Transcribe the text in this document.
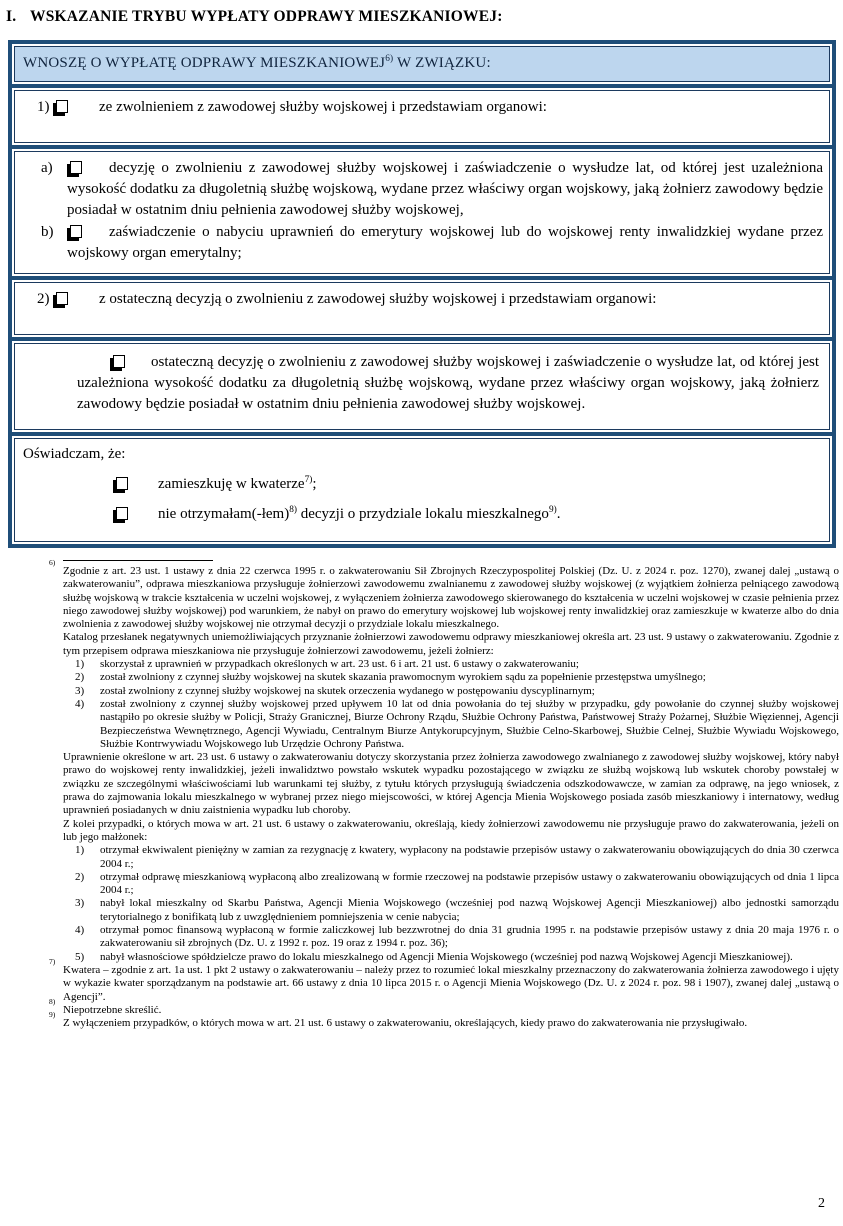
I. WSKAZANIE TRYBU WYPŁATY ODPRAWY MIESZKANIOWEJ:
WNOSZĘ O WYPŁATĘ ODPRAWY MIESZKANIOWEJ$^{6)}$ W ZWIĄZKU:
1)	ze zwolnieniem z zawodowej służby wojskowej i przedstawiam organowi:
a)	decyzję o zwolnieniu z zawodowej służby wojskowej i zaświadczenie o wysłudze lat, od której jest uzależniona wysokość dodatku za długoletnią służbę wojskową, wydane przez właściwy organ wojskowy, jaką żołnierz zawodowy będzie posiadał w ostatnim dniu pełnienia zawodowej służby wojskowej,
b)	zaświadczenie o nabyciu uprawnień do emerytury wojskowej lub do wojskowej renty inwalidzkiej wydane przez wojskowy organ emerytalny;
2)	z ostateczną decyzją o zwolnieniu z zawodowej służby wojskowej i przedstawiam organowi:
ostateczną decyzję o zwolnieniu z zawodowej służby wojskowej i zaświadczenie o wysłudze lat, od której jest uzależniona wysokość dodatku za długoletnią służbę wojskową, wydane przez właściwy organ wojskowy, jaką żołnierz zawodowy będzie posiadał w ostatnim dniu pełnienia zawodowej służby wojskowej.
Oświadczam, że:
zamieszkuję w kwaterze$^{7)}$;
nie otrzymałam(-łem)$^{8)}$ decyzji o przydziale lokalu mieszkalnego$^{9)}$.
6)

Zgodnie z art. 23 ust. 1 ustawy z dnia 22 czerwca 1995 r. o zakwaterowaniu Sił Zbrojnych Rzeczypospolitej Polskiej (Dz. U. z 2024 r. poz. 1270), zwanej dalej „ustawą o zakwaterowaniu”, odprawa mieszkaniowa przysługuje żołnierzowi zawodowemu zwalnianemu z zawodowej służby wojskowej (z wyjątkiem żołnierza pełniącego zawodową służbę wojskową w trakcie kształcenia w uczelni wojskowej, z wyłączeniem żołnierza zawodowego skierowanego do kształcenia w uczelni wojskowej w czasie pełnienia przez niego zawodowej służby wojskowej) pod warunkiem, że nabył on prawo do emerytury wojskowej lub wojskowej renty inwalidzkiej oraz zamieszkuje w kwaterze albo do dnia zwolnienia z zawodowej służby wojskowej nie otrzymał decyzji o przydziale lokalu mieszkalnego.

Katalog przesłanek negatywnych uniemożliwiających przyznanie żołnierzowi zawodowemu odprawy mieszkaniowej określa art. 23 ust. 9 ustawy o zakwaterowaniu. Zgodnie z tym przepisem odprawa mieszkaniowa nie przysługuje żołnierzowi zawodowemu, jeżeli żołnierz:

1)	skorzystał z uprawnień w przypadkach określonych w art. 23 ust. 6 i art. 21 ust. 6 ustawy o zakwaterowaniu;
2)	został zwolniony z czynnej służby wojskowej na skutek skazania prawomocnym wyrokiem sądu za popełnienie przestępstwa umyślnego;
3)	został zwolniony z czynnej służby wojskowej na skutek orzeczenia wydanego w postępowaniu dyscyplinarnym;
4)	został zwolniony z czynnej służby wojskowej przed upływem 10 lat od dnia powołania do tej służby w przypadku, gdy powołanie do czynnej służby wojskowej nastąpiło po okresie służby w Policji, Straży Granicznej, Biurze Ochrony Rządu, Służbie Ochrony Państwa, Państwowej Straży Pożarnej, Służbie Więziennej, Agencji Bezpieczeństwa Wewnętrznego, Agencji Wywiadu, Centralnym Biurze Antykorupcyjnym, Służbie Celno-Skarbowej, Służbie Celnej, Służbie Wywiadu Wojskowego, Służbie Kontrwywiadu Wojskowego lub Urzędzie Ochrony Państwa.

Uprawnienie określone w art. 23 ust. 6 ustawy o zakwaterowaniu dotyczy skorzystania przez żołnierza zawodowego zwalnianego z zawodowej służby wojskowej, który nabył prawo do wojskowej renty inwalidzkiej, jeżeli inwalidztwo powstało wskutek wypadku pozostającego w związku ze służbą wojskową lub wskutek choroby powstałej w związku ze szczególnymi właściwościami lub warunkami tej służby, z tytułu których przysługują świadczenia odszkodowawcze, w zamian za odprawę, na jego wniosek, z prawa do zajmowania lokalu mieszkalnego w wybranej przez niego miejscowości, w której Agencja Mienia Wojskowego posiada zasób mieszkaniowy i internatowy, według uprawnień posiadanych w dniu zaistnienia wypadku lub choroby.

Z kolei przypadki, o których mowa w art. 21 ust. 6 ustawy o zakwaterowaniu, określają, kiedy żołnierzowi zawodowemu nie przysługuje prawo do zakwaterowania, jeżeli on lub jego małżonek:

1)	otrzymał ekwiwalent pieniężny w zamian za rezygnację z kwatery, wypłacony na podstawie przepisów ustawy o zakwaterowaniu obowiązujących do dnia 30 czerwca 2004 r.;
2)	otrzymał odprawę mieszkaniową wypłaconą albo zrealizowaną w formie rzeczowej na podstawie przepisów ustawy o zakwaterowaniu obowiązujących od dnia 1 lipca 2004 r.;
3)	nabył lokal mieszkalny od Skarbu Państwa, Agencji Mienia Wojskowego (wcześniej pod nazwą Wojskowej Agencji Mieszkaniowej) albo jednostki samorządu terytorialnego z bonifikatą lub z uwzględnieniem pomniejszenia w cenie nabycia;
4)	otrzymał pomoc finansową wypłaconą w formie zaliczkowej lub bezzwrotnej do dnia 31 grudnia 1995 r. na podstawie przepisów ustawy z dnia 20 maja 1976 r. o zakwaterowaniu sił zbrojnych (Dz. U. z 1992 r. poz. 19 oraz z 1994 r. poz. 36);
5)	nabył własnościowe spółdzielcze prawo do lokalu mieszkalnego od Agencji Mienia Wojskowego (wcześniej pod nazwą Wojskowej Agencji Mieszkaniowej).
7)

Kwatera – zgodnie z art. 1a ust. 1 pkt 2 ustawy o zakwaterowaniu – należy przez to rozumieć lokal mieszkalny przeznaczony do zakwaterowania żołnierza zawodowego i ujęty w wykazie kwater sporządzanym na podstawie art. 66 ustawy z dnia 10 lipca 2015 r. o Agencji Mienia Wojskowego (Dz. U. z 2024 r. poz. 98 i 1907), zwanej dalej „ustawą o Agencji”.

8)

Niepotrzebne skreślić.

9)

Z wyłączeniem przypadków, o których mowa w art. 21 ust. 6 ustawy o zakwaterowaniu, określających, kiedy prawo do zakwaterowania nie przysługiwało.

2
